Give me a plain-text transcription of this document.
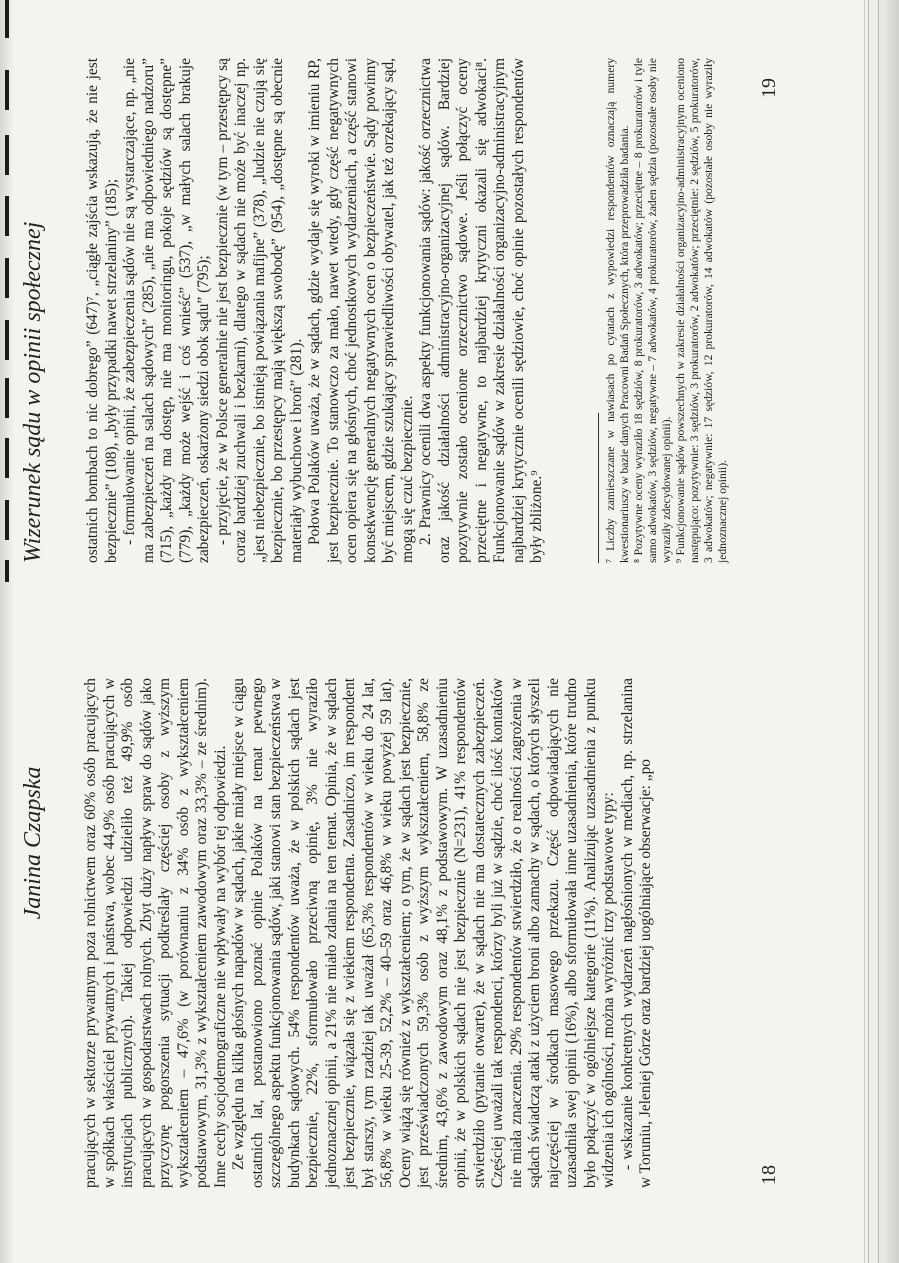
Janina Czapska pracujących w sektorze prywatnym poza rolnictwem oraz 60% osób pracujących w spółkach właściciel prywatnych i państwa, wobec 44,9% osób pracujących w instytucjach publicznych). Takiej odpowiedzi udzieliło też 49,9% osób pracujących w gospodarstwach rolnych. Zbyt duży napływ spraw do sądów jako przyczynę pogorszenia sytuacji podkreślały częściej osoby z wyższym wykształceniem – 47,6% (w porównaniu z 34% osób z wykształceniem podstawowym, 31,3% z wykształceniem zawodowym oraz 33,3% – ze średnim). Inne cechy socjodemograficzne nie wpływały na wybór tej odpowiedzi. Ze względu na kilka głośnych napadów w sądach, jakie miały miejsce w ciągu ostatnich lat, postanowiono poznać opinie Polaków na temat pewnego szczególnego aspektu funkcjonowania sądów, jaki stanowi stan bezpieczeństwa w budynkach sądowych. 54% respondentów uważa, że w polskich sądach jest bezpiecznie, 22%, sformułowało przeciwną opinię, 3% nie wyraziło jednoznacznej opinii, a 21% nie miało zdania na ten temat. Opinia, że w sądach jest bezpiecznie, wiązała się z wiekiem respondenta. Zasadniczo, im respondent był starszy, tym rzadziej tak uważał (65,3% respondentów w wieku do 24 lat, 56,8% w wieku 25-39, 52,2% – 40–59 oraz 46,8% w wieku powyżej 59 lat). Oceny wiążą się również z wykształceniem; o tym, że w sądach jest bezpiecznie, jest przeświadczonych 59,3% osób z wyższym wykształceniem, 58,8% ze średnim, 43,6% z zawodowym oraz 48,1% z podstawowym. W uzasadnieniu opinii, że w polskich sądach nie jest bezpiecznie (N=231), 41% respondentów stwierdziło (pytanie otwarte), że w sądach nie ma dostatecznych zabezpieczeń. Częściej uważali tak respondenci, którzy byli już w sądzie, choć ilość kontaktów nie miała znaczenia. 29% respondentów stwierdziło, że o realności zagrożenia w sądach świadczą ataki z użyciem broni albo zamachy w sądach, o których słyszeli najczęściej w środkach masowego przekazu. Część odpowiadających nie uzasadniła swej opinii (16%), albo sformułowała inne uzasadnienia, które trudno było połączyć w ogólniejsze kategorie (11%). Analizując uzasadnienia z punktu widzenia ich ogólności, można wyróżnić trzy podstawowe typy: - wskazanie konkretnych wydarzeń nagłośnionych w mediach, np. strzelanina w Toruniu, Jeleniej Górze oraz bardziej uogólniające obserwacje: „po	18
Wizerunek sądu w opinii społecznej ostatnich bombach to nic dobrego” (647)⁷, „ciągłe zajścia wskazują, że nie jest bezpiecznie” (108), „były przypadki nawet strzelaniny” (185); - formułowanie opinii, że zabezpieczenia sądów nie są wystarczające, np. „nie ma zabezpieczeń na salach sądowych” (285), „nie ma odpowiedniego nadzoru” (715), „każdy ma dostęp, nie ma monitoringu, pokoje sędziów są dostępne” (779), „każdy może wejść i coś wnieść” (537), „w małych salach brakuje zabezpieczeń, oskarżony siedzi obok sądu” (795); - przyjęcie, że w Polsce generalnie nie jest bezpiecznie (w tym – przestępcy są coraz bardziej zuchwali i bezkarni), dlatego w sądach nie może być inaczej np. „jest niebezpiecznie, bo istnieją powiązania mafijne” (378), „ludzie nie czują się bezpiecznie, bo przestępcy mają większą swobodę” (954), „dostępne są obecnie materiały wybuchowe i broń” (281). Połowa Polaków uważa, że w sądach, gdzie wydaje się wyroki w imieniu RP, jest bezpiecznie. To stanowczo za mało, nawet wtedy, gdy część negatywnych ocen opiera się na głośnych, choć jednostkowych wydarzeniach, a część stanowi konsekwencję generalnych negatywnych ocen o bezpieczeństwie. Sądy powinny być miejscem, gdzie szukający sprawiedliwości obywatel, jak też orzekający sąd, mogą się czuć bezpiecznie. 2. Prawnicy ocenili dwa aspekty funkcjonowania sądów: jakość orzecznictwa oraz jakość działalności administracyjno-organizacyjnej sądów. Bardziej pozytywnie zostało ocenione orzecznictwo sądowe. Jeśli połączyć oceny przeciętne i negatywne, to najbardziej krytyczni okazali się adwokaci⁸. Funkcjonowanie sądów w zakresie działalności organizacyjno-administracyjnym najbardziej krytycznie ocenili sędziowie, choć opinie pozostałych respondentów były zbliżone.⁹	⁷ Liczby zamieszczane w nawiasach po cytatach z wypowiedzi respondentów oznaczają numery kwestionariuszy w bazie danych Pracowni Badań Społecznych, która przeprowadziła badania. ⁸ Pozytywne oceny wyraziło 18 sędziów, 8 prokuratorów, 3 adwokatów; przeciętne – 8 prokuratorów i tyle samo adwokatów, 3 sędziów, negatywne – 7 adwokatów, 4 prokuratorów, żaden sędzia (pozostałe osoby nie wyraziły zdecydowanej opinii). ⁹ Funkcjonowanie sądów powszechnych w zakresie działalności organizacyjno-administracyjnym oceniono następująco: pozytywnie: 3 sędziów, 3 prokuratorów, 2 adwokatów; przeciętnie: 2 sędziów, 5 prokuratorów, 3 adwokatów; negatywnie: 17 sędziów, 12 prokuratorów, 14 adwokatów (pozostałe osoby nie wyraziły jednoznacznej opinii).

19
